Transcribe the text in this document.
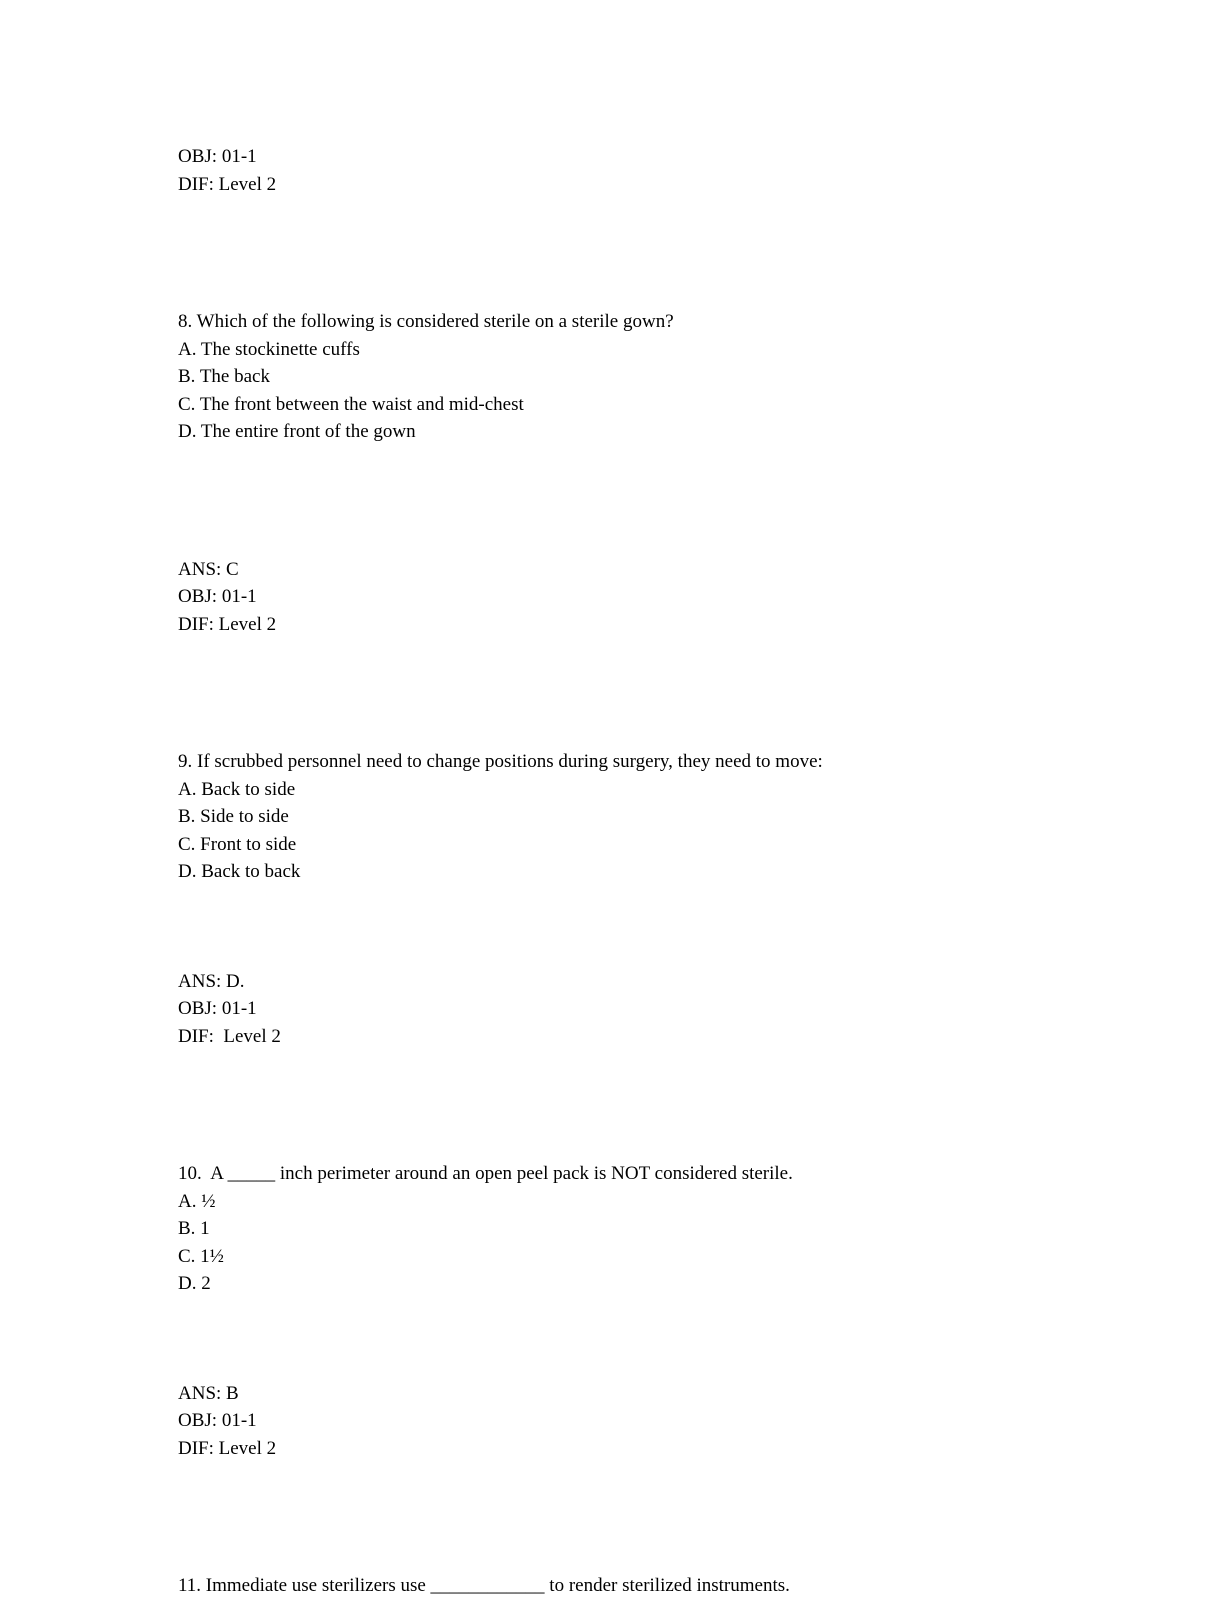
OBJ: 01-1

DIF: Level 2

8. Which of the following is considered sterile on a sterile gown?

A. The stockinette cuffs

B. The back

C. The front between the waist and mid-chest

D. The entire front of the gown

ANS: C

OBJ: 01-1

DIF: Level 2

9. If scrubbed personnel need to change positions during surgery, they need to move:

A. Back to side

B. Side to side

C. Front to side

D. Back to back

ANS: D.

OBJ: 01-1

DIF:  Level 2

10.  A _____ inch perimeter around an open peel pack is NOT considered sterile.

A. ½

B. 1

C. 1½

D. 2

ANS: B

OBJ: 01-1

DIF: Level 2

11. Immediate use sterilizers use ____________ to render sterilized instruments.
